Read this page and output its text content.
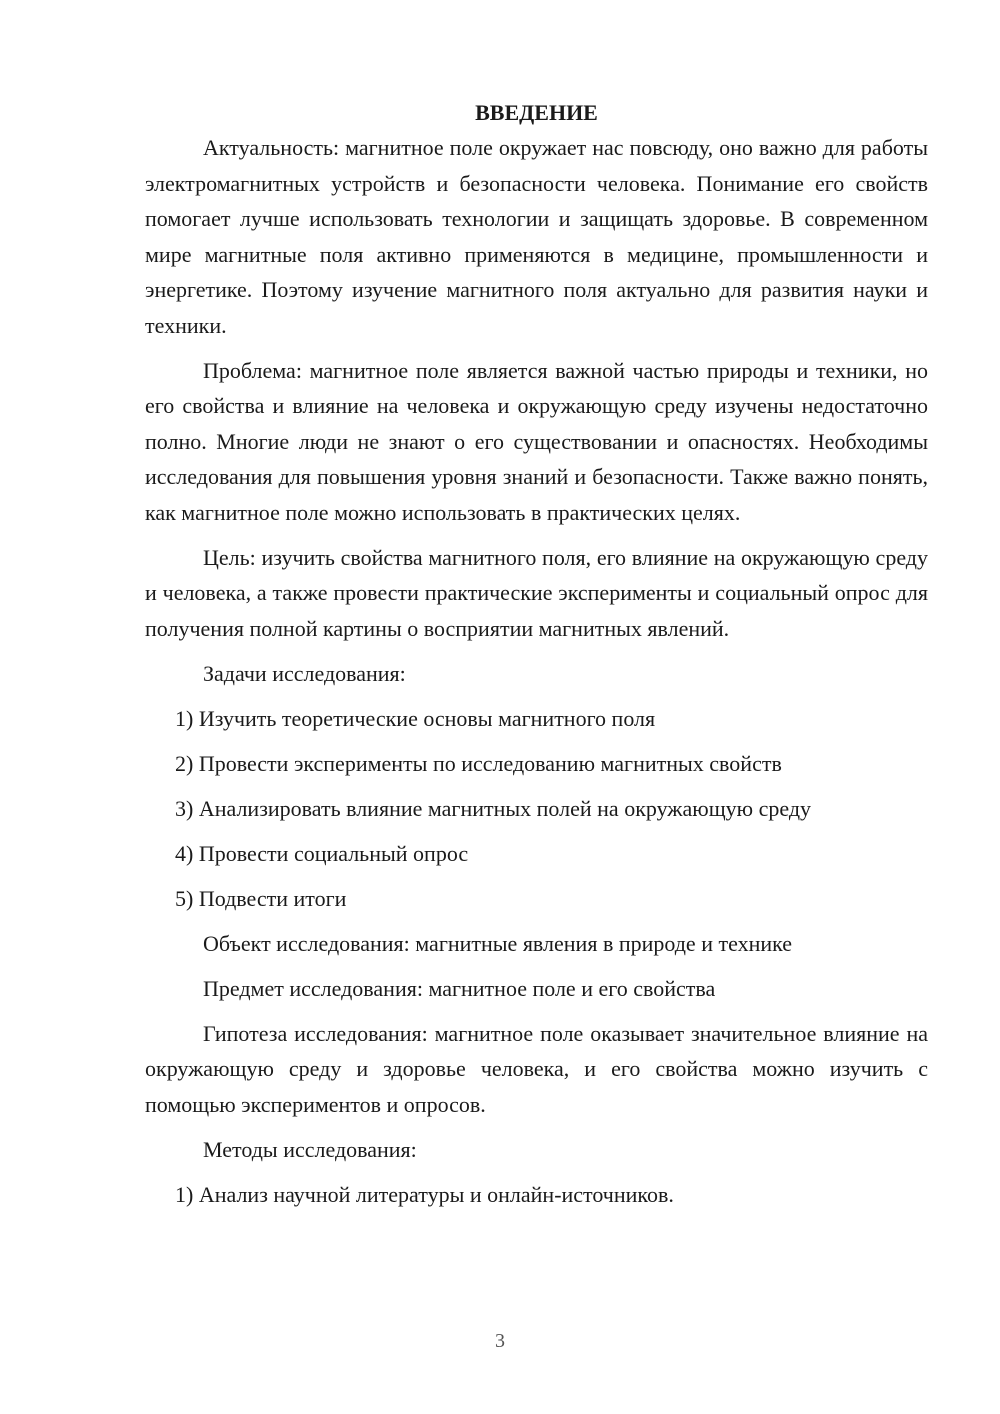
ВВЕДЕНИЕ

Актуальность: магнитное поле окружает нас повсюду, оно важно для работы электромагнитных устройств и безопасности человека. Понимание его свойств помогает лучше использовать технологии и защищать здоровье. В современном мире магнитные поля активно применяются в медицине, промышленности и энергетике. Поэтому изучение магнитного поля актуально для развития науки и техники.

Проблема: магнитное поле является важной частью природы и техники, но его свойства и влияние на человека и окружающую среду изучены недостаточно полно. Многие люди не знают о его существовании и опасностях. Необходимы исследования для повышения уровня знаний и безопасности. Также важно понять, как магнитное поле можно использовать в практических целях.

Цель: изучить свойства магнитного поля, его влияние на окружающую среду и человека, а также провести практические эксперименты и социальный опрос для получения полной картины о восприятии магнитных явлений.

Задачи исследования:

1) Изучить теоретические основы магнитного поля

2) Провести эксперименты по исследованию магнитных свойств

3) Анализировать влияние магнитных полей на окружающую среду

4) Провести социальный опрос

5) Подвести итоги

Объект исследования: магнитные явления в природе и технике

Предмет исследования: магнитное поле и его свойства

Гипотеза исследования: магнитное поле оказывает значительное влияние на окружающую среду и здоровье человека, и его свойства можно изучить с помощью экспериментов и опросов.

Методы исследования:

1) Анализ научной литературы и онлайн-источников.

3
